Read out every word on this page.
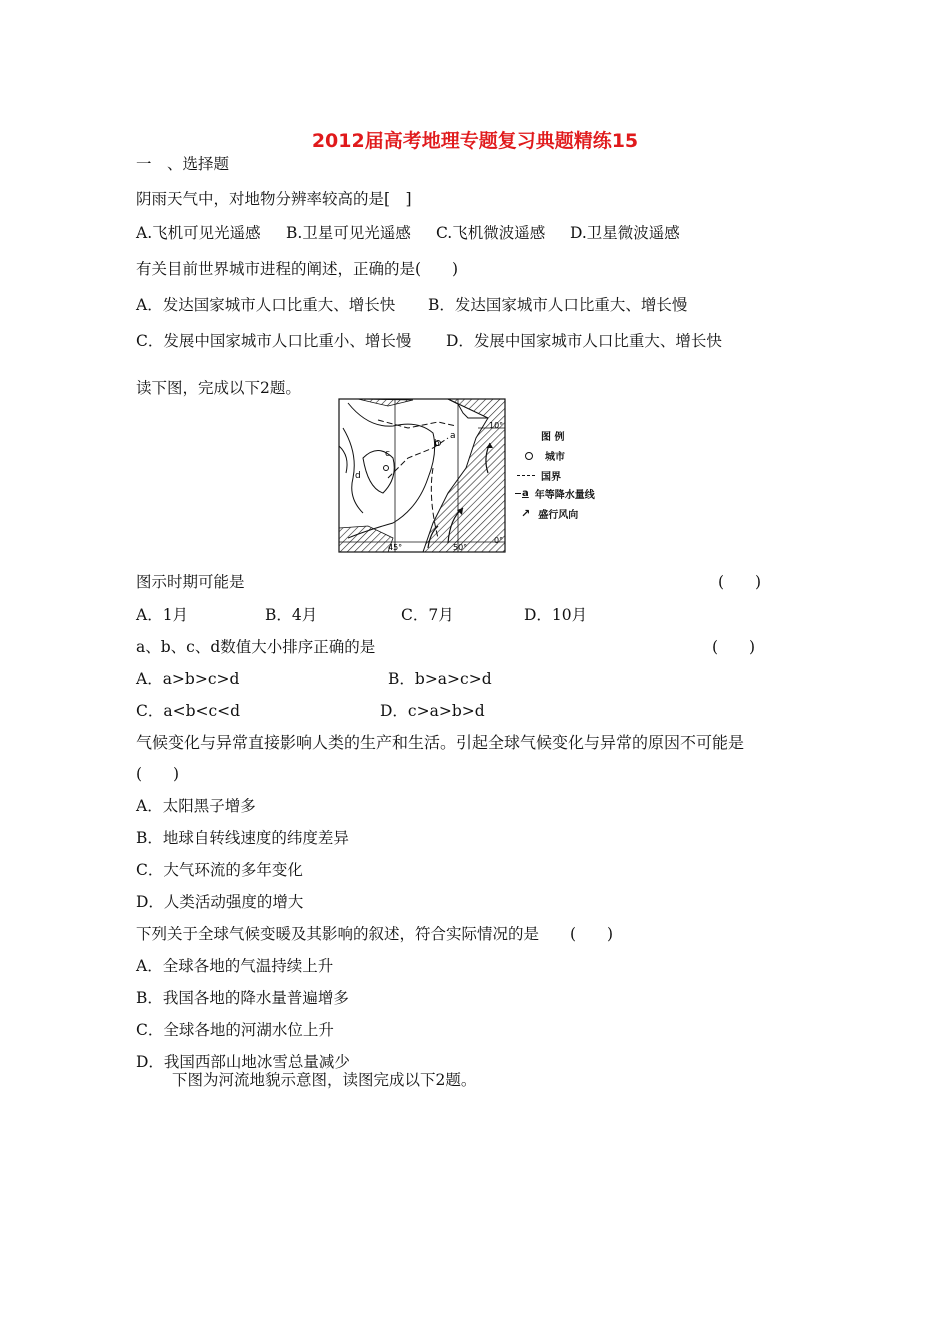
2012届高考地理专题复习典题精练15
一　、选择题
阴雨天气中，对地物分辨率较高的是[　]
A.飞机可见光遥感 B.卫星可见光遥感 C.飞机微波遥感 D.卫星微波遥感
有关目前世界城市进程的阐述，正确的是(　　)
A．发达国家城市人口比重大、增长快 B．发达国家城市人口比重大、增长慢
C．发展中国家城市人口比重小、增长慢 D．发展中国家城市人口比重大、增长快
读下图，完成以下2题。
a
b
c
d
10°
0°
45°	50°
图 例
城市
国界
a 年等降水量线
↗ 盛行风向
图示时期可能是	(　　)
A．1月	B．4月	C．7月	D．10月
a、b、c、d数值大小排序正确的是	(　　)
A．a>b>c>d	B．b>a>c>d
C．a<b<c<d	D．c>a>b>d
气候变化与异常直接影响人类的生产和生活。引起全球气候变化与异常的原因不可能是
(　　)
A．太阳黑子增多
B．地球自转线速度的纬度差异
C．大气环流的多年变化
D．人类活动强度的增大
下列关于全球气候变暖及其影响的叙述，符合实际情况的是　　(　　)
A．全球各地的气温持续上升
B．我国各地的降水量普遍增多
C．全球各地的河湖水位上升
D．我国西部山地冰雪总量减少
下图为河流地貌示意图，读图完成以下2题。
